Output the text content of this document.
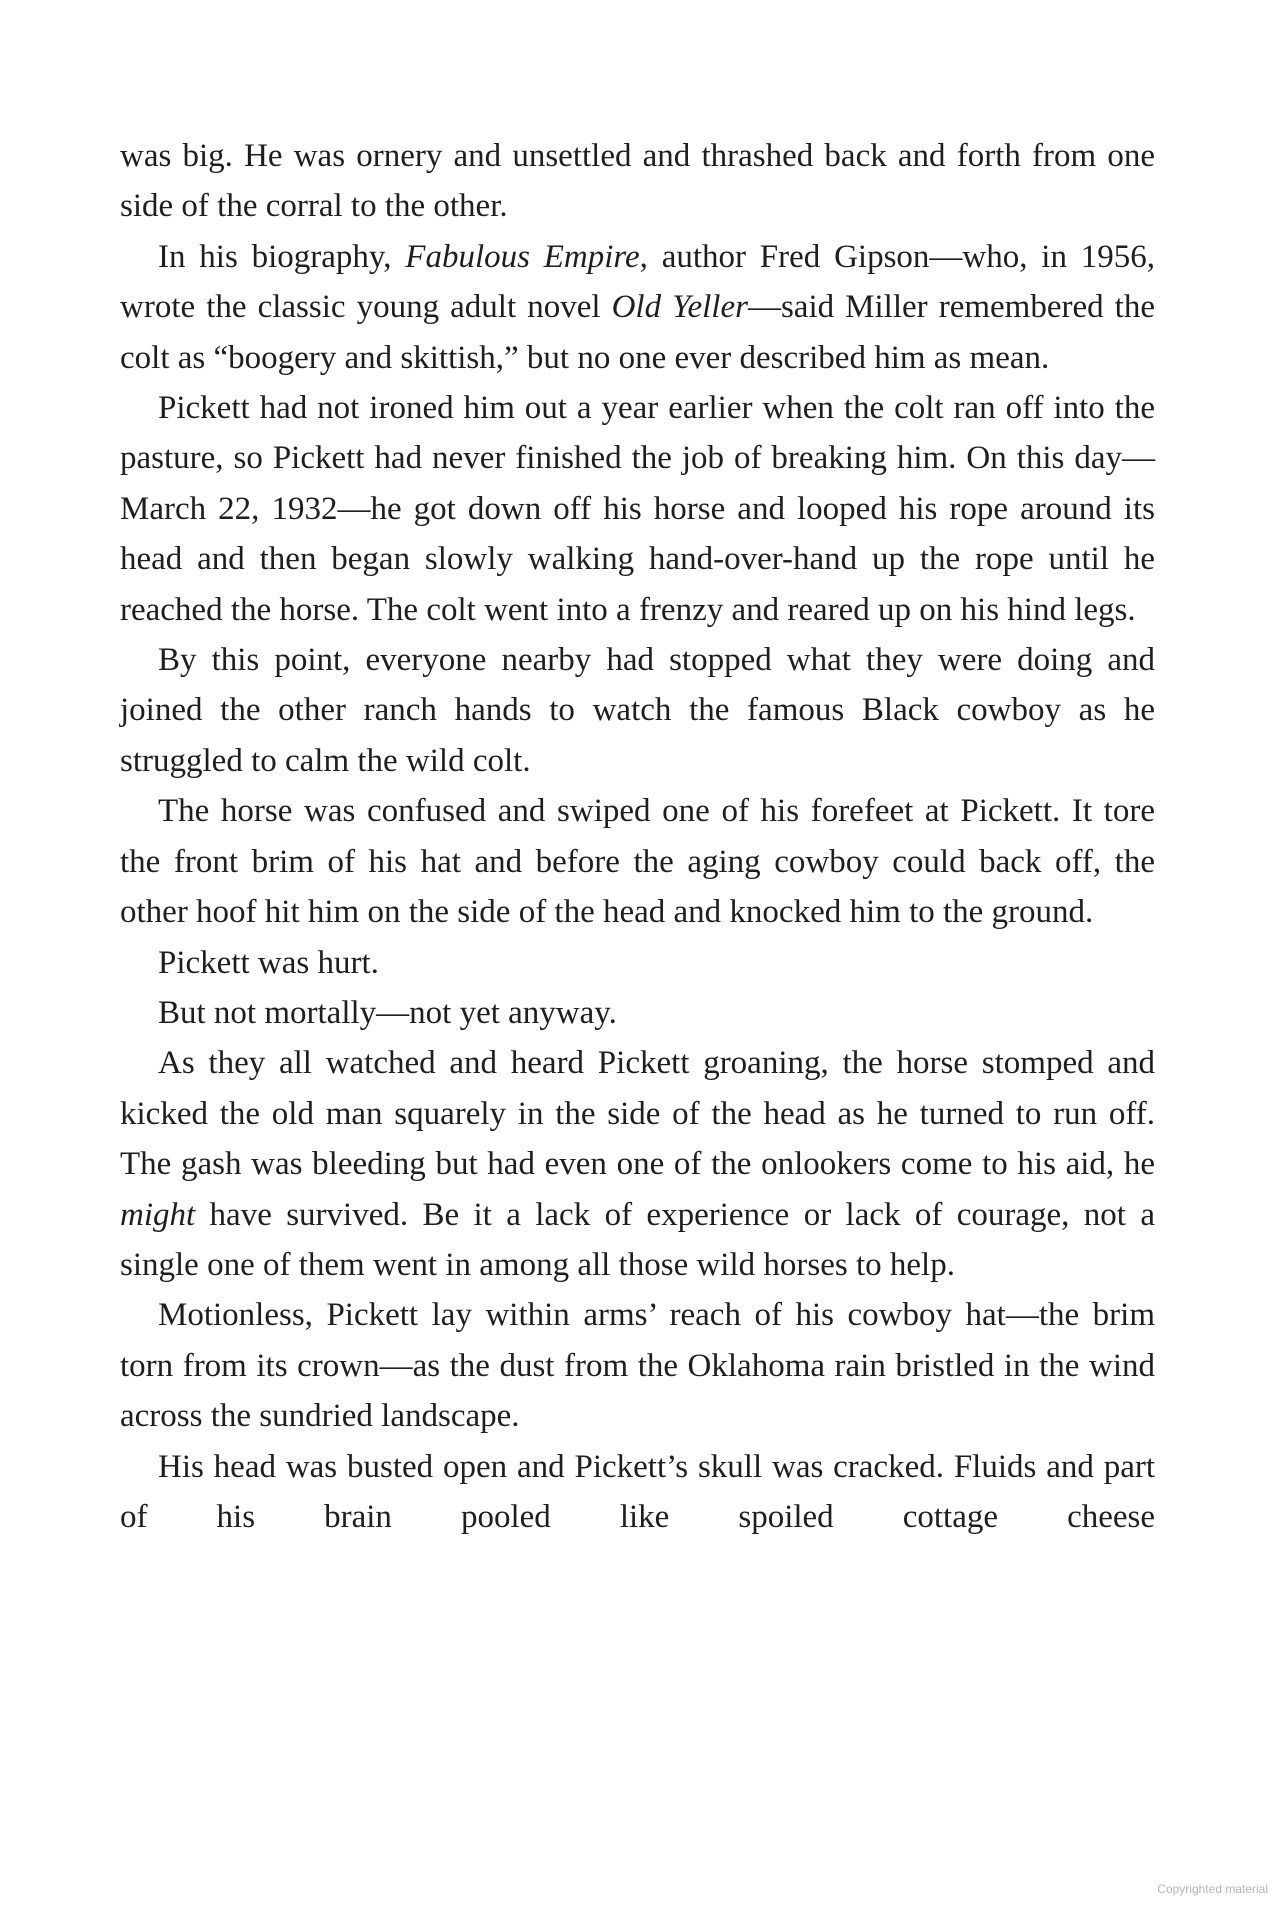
was big. He was ornery and unsettled and thrashed back and forth from one side of the corral to the other.

In his biography, Fabulous Empire, author Fred Gipson—who, in 1956, wrote the classic young adult novel Old Yeller—said Miller remembered the colt as “boogery and skittish,” but no one ever described him as mean.

Pickett had not ironed him out a year earlier when the colt ran off into the pasture, so Pickett had never finished the job of breaking him. On this day—March 22, 1932—he got down off his horse and looped his rope around its head and then began slowly walking hand-over-hand up the rope until he reached the horse. The colt went into a frenzy and reared up on his hind legs.

By this point, everyone nearby had stopped what they were doing and joined the other ranch hands to watch the famous Black cowboy as he struggled to calm the wild colt.

The horse was confused and swiped one of his forefeet at Pickett. It tore the front brim of his hat and before the aging cowboy could back off, the other hoof hit him on the side of the head and knocked him to the ground.

Pickett was hurt.

But not mortally—not yet anyway.

As they all watched and heard Pickett groaning, the horse stomped and kicked the old man squarely in the side of the head as he turned to run off. The gash was bleeding but had even one of the onlookers come to his aid, he might have survived. Be it a lack of experience or lack of courage, not a single one of them went in among all those wild horses to help.

Motionless, Pickett lay within arms’ reach of his cowboy hat—the brim torn from its crown—as the dust from the Oklahoma rain bristled in the wind across the sundried landscape.

His head was busted open and Pickett’s skull was cracked. Fluids and part of his brain pooled like spoiled cottage cheese

Copyrighted material
